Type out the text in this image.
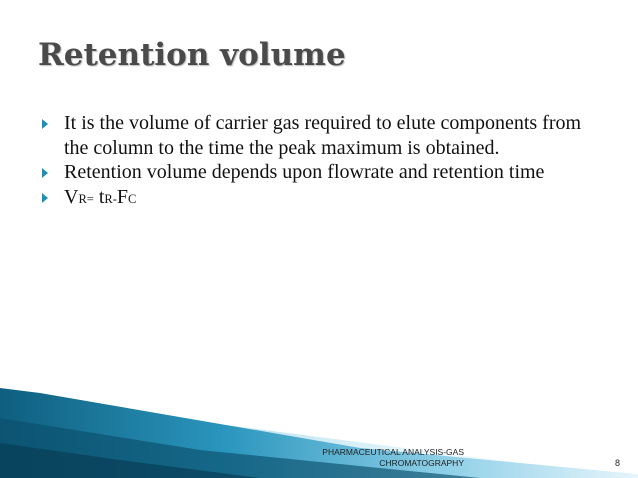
Retention volume
It is the volume of carrier gas required to elute components from the column to the time the peak maximum is obtained.
Retention volume depends upon flowrate and retention time
VR= tR-FC
PHARMACEUTICAL ANALYSIS-GAS CHROMATOGRAPHY	8
